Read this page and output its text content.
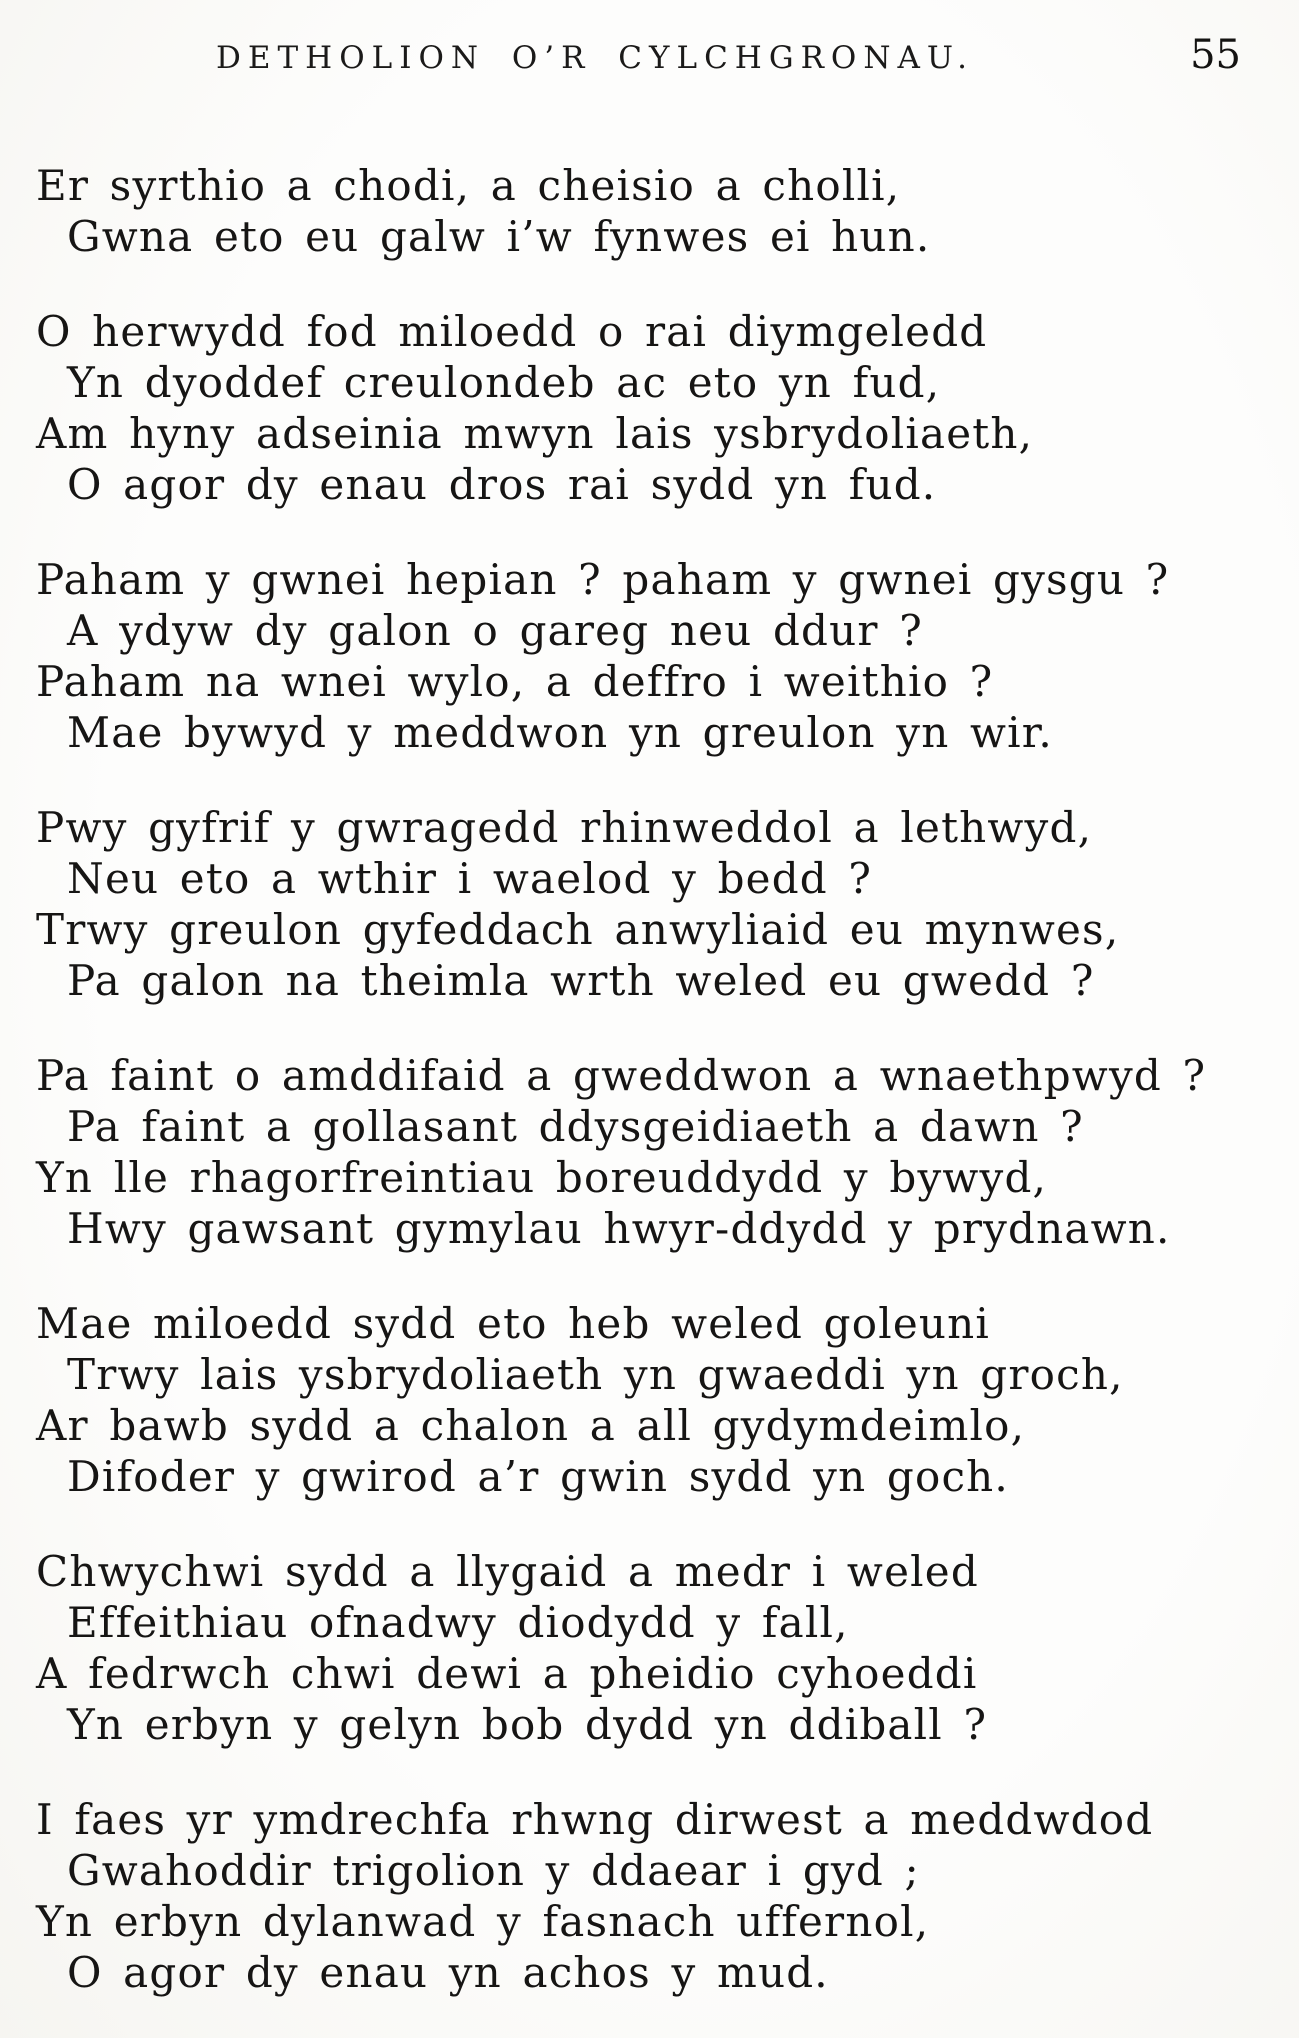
DETHOLION O’R CYLCHGRONAU.	55
Er syrthio a chodi, a cheisio a cholli,
Gwna eto eu galw i’w fynwes ei hun.
O herwydd fod miloedd o rai diymgeledd
Yn dyoddef creulondeb ac eto yn fud,
Am hyny adseinia mwyn lais ysbrydoliaeth,
O agor dy enau dros rai sydd yn fud.
Paham y gwnei hepian ? paham y gwnei gysgu ?
A ydyw dy galon o gareg neu ddur ?
Paham na wnei wylo, a deffro i weithio ?
Mae bywyd y meddwon yn greulon yn wir.
Pwy gyfrif y gwragedd rhinweddol a lethwyd,
Neu eto a wthir i waelod y bedd ?
Trwy greulon gyfeddach anwyliaid eu mynwes,
Pa galon na theimla wrth weled eu gwedd ?
Pa faint o amddifaid a gweddwon a wnaethpwyd ?
Pa faint a gollasant ddysgeidiaeth a dawn ?
Yn lle rhagorfreintiau boreuddydd y bywyd,
Hwy gawsant gymylau hwyr-ddydd y prydnawn.
Mae miloedd sydd eto heb weled goleuni
Trwy lais ysbrydoliaeth yn gwaeddi yn groch,
Ar bawb sydd a chalon a all gydymdeimlo,
Difoder y gwirod a’r gwin sydd yn goch.
Chwychwi sydd a llygaid a medr i weled
Effeithiau ofnadwy diodydd y fall,
A fedrwch chwi dewi a pheidio cyhoeddi
Yn erbyn y gelyn bob dydd yn ddiball ?
I faes yr ymdrechfa rhwng dirwest a meddwdod
Gwahoddir trigolion y ddaear i gyd ;
Yn erbyn dylanwad y fasnach uffernol,
O agor dy enau yn achos y mud.
